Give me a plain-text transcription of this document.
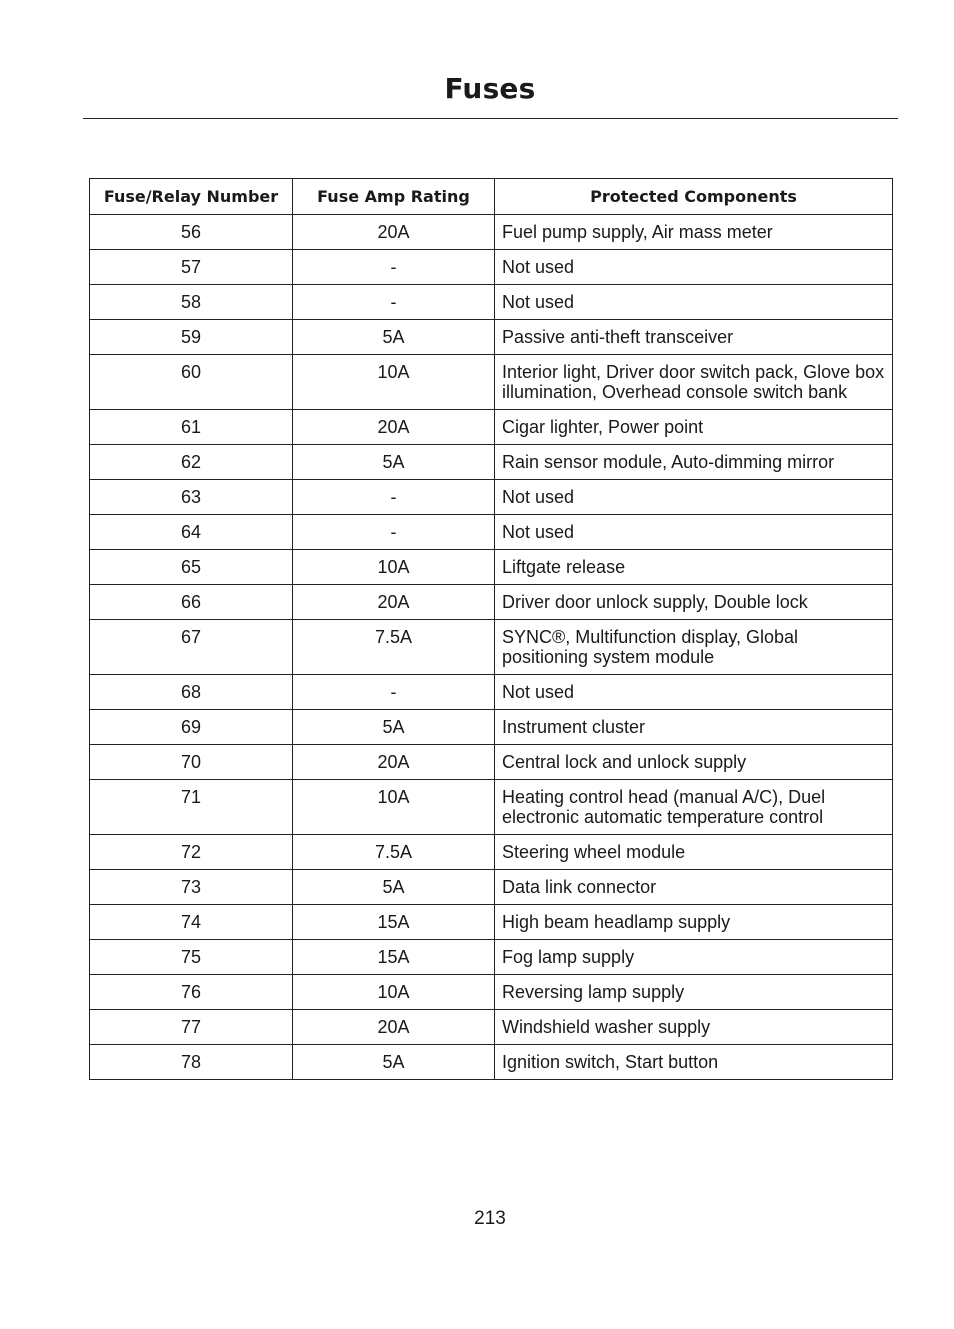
Fuses
Fuse/Relay Number	Fuse Amp Rating	Protected Components
56	20A	Fuel pump supply, Air mass meter
57	-	Not used
58	-	Not used
59	5A	Passive anti-theft transceiver
60	10A	Interior light, Driver door switch pack, Glove box illumination, Overhead console switch bank
61	20A	Cigar lighter, Power point
62	5A	Rain sensor module, Auto-dimming mirror
63	-	Not used
64	-	Not used
65	10A	Liftgate release
66	20A	Driver door unlock supply, Double lock
67	7.5A	SYNC®, Multifunction display, Global positioning system module
68	-	Not used
69	5A	Instrument cluster
70	20A	Central lock and unlock supply
71	10A	Heating control head (manual A/C), Duel electronic automatic temperature control
72	7.5A	Steering wheel module
73	5A	Data link connector
74	15A	High beam headlamp supply
75	15A	Fog lamp supply
76	10A	Reversing lamp supply
77	20A	Windshield washer supply
78	5A	Ignition switch, Start button
213
